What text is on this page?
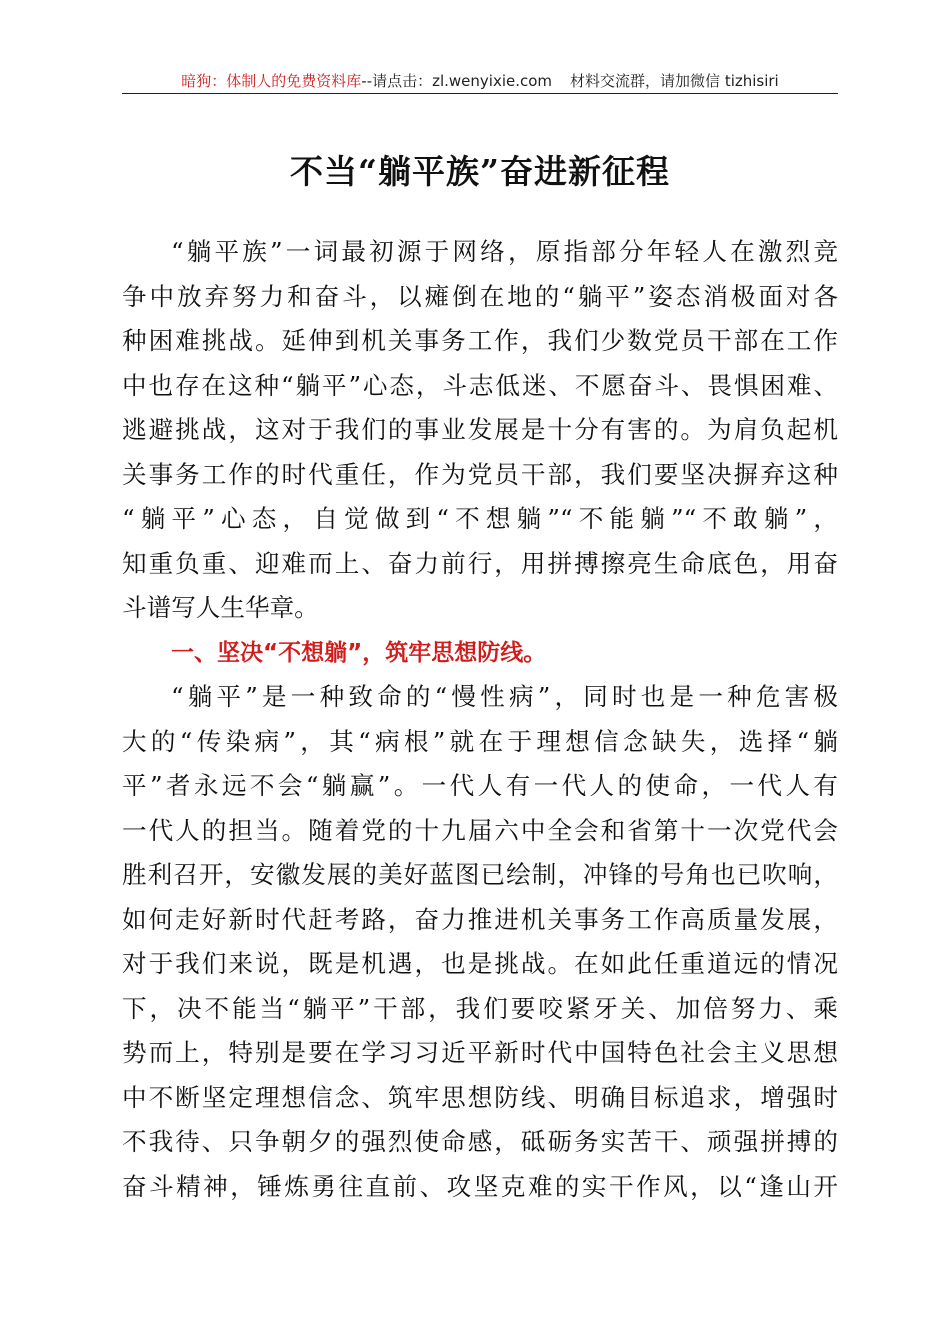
暗狗：体制人的免费资料库--请点击：zl.wenyixie.com 材料交流群，请加微信 tizhisiri
不当“躺平族”奋进新征程
“躺平族”一词最初源于网络，原指部分年轻人在激烈竞
争中放弃努力和奋斗，以瘫倒在地的“躺平”姿态消极面对各
种困难挑战。延伸到机关事务工作，我们少数党员干部在工作
中也存在这种“躺平”心态，斗志低迷、不愿奋斗、畏惧困难、
逃避挑战，这对于我们的事业发展是十分有害的。为肩负起机
关事务工作的时代重任，作为党员干部，我们要坚决摒弃这种
“躺平”心态，自觉做到“不想躺”“不能躺”“不敢躺”，
知重负重、迎难而上、奋力前行，用拼搏擦亮生命底色，用奋
斗谱写人生华章。
一、坚决“不想躺”，筑牢思想防线。
“躺平”是一种致命的“慢性病”，同时也是一种危害极
大的“传染病”，其“病根”就在于理想信念缺失，选择“躺
平”者永远不会“躺赢”。一代人有一代人的使命，一代人有
一代人的担当。随着党的十九届六中全会和省第十一次党代会
胜利召开，安徽发展的美好蓝图已绘制，冲锋的号角也已吹响，
如何走好新时代赶考路，奋力推进机关事务工作高质量发展，
对于我们来说，既是机遇，也是挑战。在如此任重道远的情况
下，决不能当“躺平”干部，我们要咬紧牙关、加倍努力、乘
势而上，特别是要在学习习近平新时代中国特色社会主义思想
中不断坚定理想信念、筑牢思想防线、明确目标追求，增强时
不我待、只争朝夕的强烈使命感，砥砺务实苦干、顽强拼搏的
奋斗精神，锤炼勇往直前、攻坚克难的实干作风，以“逢山开
